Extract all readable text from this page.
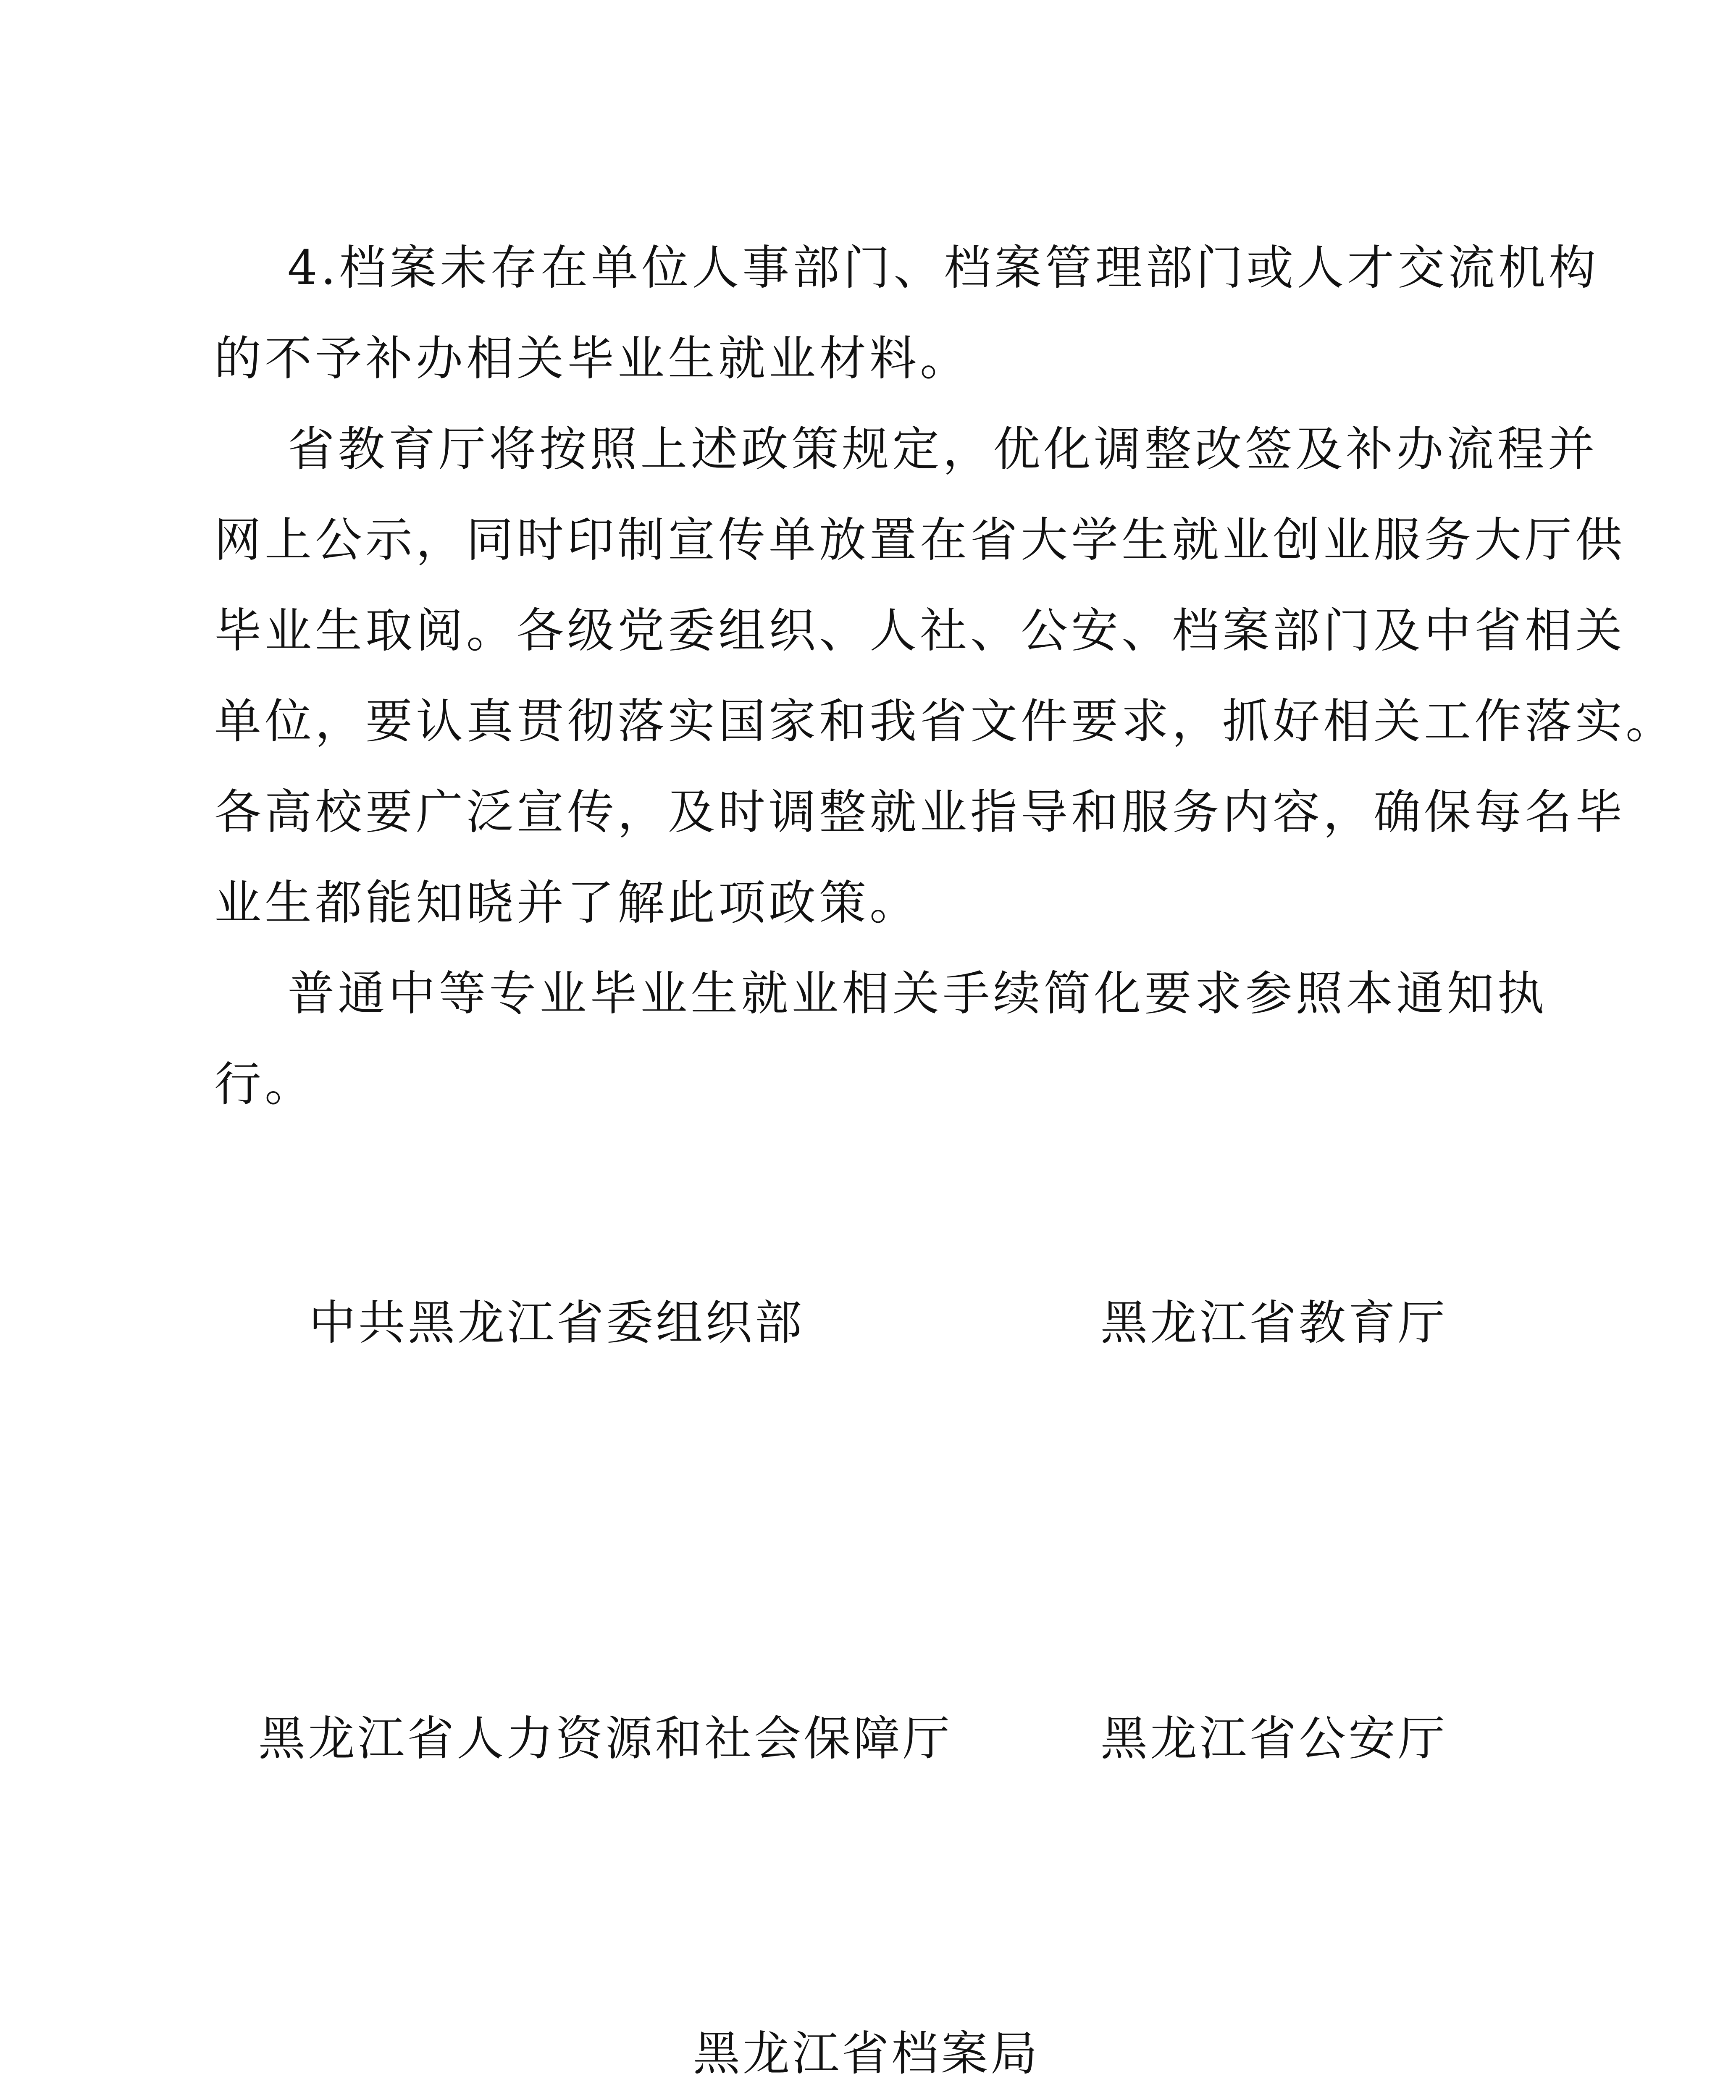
4.档案未存在单位人事部门、档案管理部门或人才交流机构
的不予补办相关毕业生就业材料。
省教育厅将按照上述政策规定，优化调整改签及补办流程并
网上公示，同时印制宣传单放置在省大学生就业创业服务大厅供
毕业生取阅。各级党委组织、人社、公安、档案部门及中省相关
单位，要认真贯彻落实国家和我省文件要求，抓好相关工作落实。
各高校要广泛宣传，及时调整就业指导和服务内容，确保每名毕
业生都能知晓并了解此项政策。
普通中等专业毕业生就业相关手续简化要求参照本通知执
行。
中共黑龙江省委组织部	黑龙江省教育厅
黑龙江省人力资源和社会保障厅	黑龙江省公安厅
黑龙江省档案局
